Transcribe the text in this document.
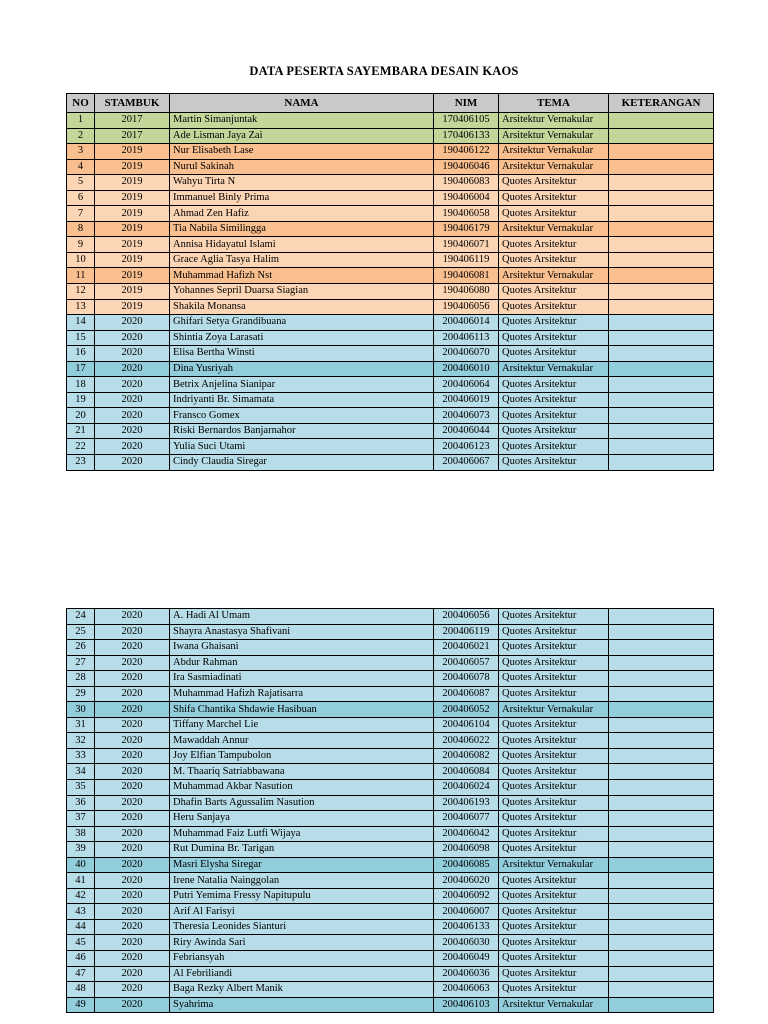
DATA PESERTA SAYEMBARA DESAIN KAOS
NO	STAMBUK	NAMA	NIM	TEMA	KETERANGAN
1	2017	Martin Simanjuntak	170406105	Arsitektur Vernakular	
2	2017	Ade Lisman Jaya Zai	170406133	Arsitektur Vernakular	
3	2019	Nur Elisabeth Lase	190406122	Arsitektur Vernakular	
4	2019	Nurul Sakinah	190406046	Arsitektur Vernakular	
5	2019	Wahyu Tirta N	190406083	Quotes Arsitektur	
6	2019	Immanuel Binly Prima	190406004	Quotes Arsitektur	
7	2019	Ahmad Zen Hafiz	190406058	Quotes Arsitektur	
8	2019	Tia Nabila Similingga	190406179	Arsitektur Vernakular	
9	2019	Annisa Hidayatul Islami	190406071	Quotes Arsitektur	
10	2019	Grace Aglia Tasya Halim	190406119	Quotes Arsitektur	
11	2019	Muhammad Hafizh Nst	190406081	Arsitektur Vernakular	
12	2019	Yohannes Sepril Duarsa Siagian	190406080	Quotes Arsitektur	
13	2019	Shakila Monansa	190406056	Quotes Arsitektur	
14	2020	Ghifari Setya Grandibuana	200406014	Quotes Arsitektur	
15	2020	Shintia Zoya Larasati	200406113	Quotes Arsitektur	
16	2020	Elisa Bertha Winsti	200406070	Quotes Arsitektur	
17	2020	Dina Yusriyah	200406010	Arsitektur Vernakular	
18	2020	Betrix Anjelina Sianipar	200406064	Quotes Arsitektur	
19	2020	Indriyanti Br. Simamata	200406019	Quotes Arsitektur	
20	2020	Fransco Gomex	200406073	Quotes Arsitektur	
21	2020	Riski Bernardos Banjarnahor	200406044	Quotes Arsitektur	
22	2020	Yulia Suci Utami	200406123	Quotes Arsitektur	
23	2020	Cindy Claudia Siregar	200406067	Quotes Arsitektur	
24	2020	A. Hadi Al Umam	200406056	Quotes Arsitektur	
25	2020	Shayra Anastasya Shafivani	200406119	Quotes Arsitektur	
26	2020	Iwana Ghaisani	200406021	Quotes Arsitektur	
27	2020	Abdur Rahman	200406057	Quotes Arsitektur	
28	2020	Ira Sasmiadinati	200406078	Quotes Arsitektur	
29	2020	Muhammad Hafizh Rajatisarra	200406087	Quotes Arsitektur	
30	2020	Shifa Chantika Shdawie Hasibuan	200406052	Arsitektur Vernakular	
31	2020	Tiffany Marchel Lie	200406104	Quotes Arsitektur	
32	2020	Mawaddah Annur	200406022	Quotes Arsitektur	
33	2020	Joy Elfian Tampubolon	200406082	Quotes Arsitektur	
34	2020	M. Thaariq Satriabbawana	200406084	Quotes Arsitektur	
35	2020	Muhammad Akbar Nasution	200406024	Quotes Arsitektur	
36	2020	Dhafin Barts Agussalim Nasution	200406193	Quotes Arsitektur	
37	2020	Heru Sanjaya	200406077	Quotes Arsitektur	
38	2020	Muhammad Faiz Lutfi Wijaya	200406042	Quotes Arsitektur	
39	2020	Rut Dumina Br. Tarigan	200406098	Quotes Arsitektur	
40	2020	Masri Elysha Siregar	200406085	Arsitektur Vernakular	
41	2020	Irene Natalia Nainggolan	200406020	Quotes Arsitektur	
42	2020	Putri Yemima Fressy Napitupulu	200406092	Quotes Arsitektur	
43	2020	Arif Al Farisyi	200406007	Quotes Arsitektur	
44	2020	Theresia Leonides Sianturi	200406133	Quotes Arsitektur	
45	2020	Riry Awinda Sari	200406030	Quotes Arsitektur	
46	2020	Febriansyah	200406049	Quotes Arsitektur	
47	2020	Al Febriliandi	200406036	Quotes Arsitektur	
48	2020	Baga Rezky Albert Manik	200406063	Quotes Arsitektur	
49	2020	Syahrima	200406103	Arsitektur Vernakular	
